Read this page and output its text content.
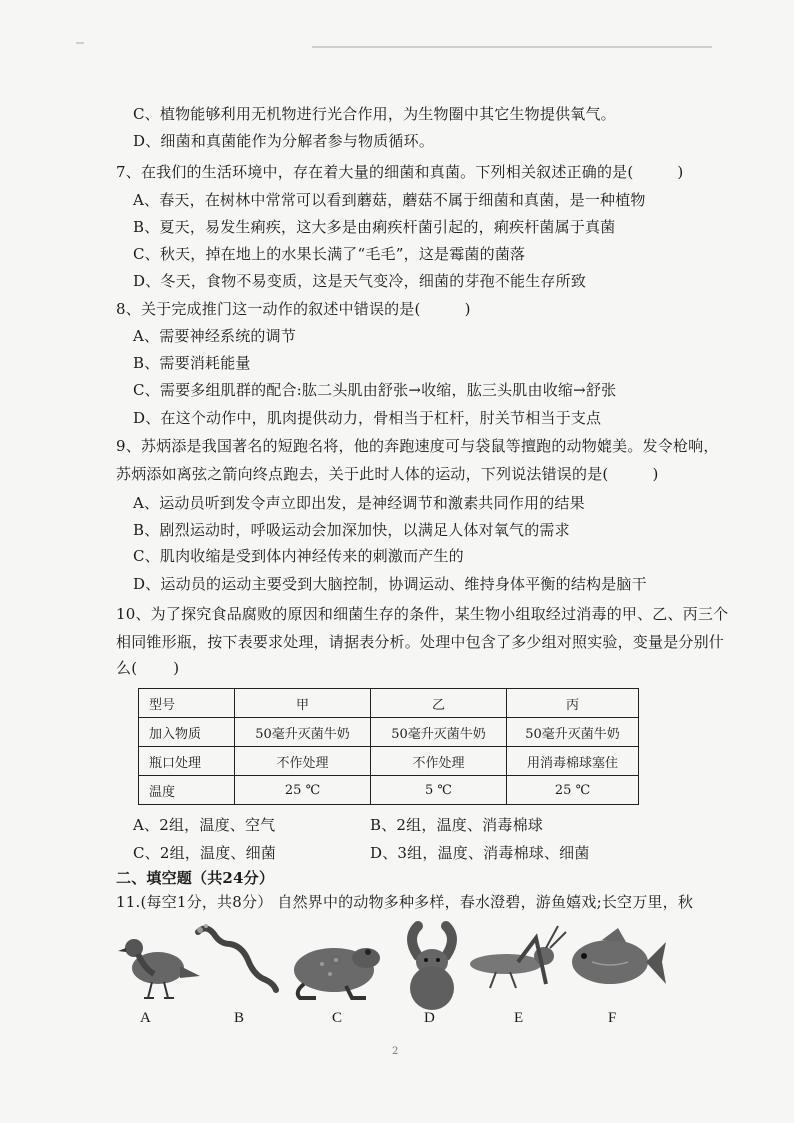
C、植物能够利用无机物进行光合作用，为生物圈中其它生物提供氧气。
D、细菌和真菌能作为分解者参与物质循环。
7、在我们的生活环境中，存在着大量的细菌和真菌。下列相关叙述正确的是(	)
A、春天，在树林中常常可以看到蘑菇，蘑菇不属于细菌和真菌，是一种植物
B、夏天，易发生痢疾，这大多是由痢疾杆菌引起的，痢疾杆菌属于真菌
C、秋天，掉在地上的水果长满了“毛毛”，这是霉菌的菌落
D、冬天，食物不易变质，这是天气变冷，细菌的芽孢不能生存所致
8、关于完成推门这一动作的叙述中错误的是(	)
A、需要神经系统的调节
B、需要消耗能量
C、需要多组肌群的配合:肱二头肌由舒张→收缩，肱三头肌由收缩→舒张
D、在这个动作中，肌肉提供动力，骨相当于杠杆，肘关节相当于支点
9、苏炳添是我国著名的短跑名将，他的奔跑速度可与袋鼠等擅跑的动物媲美。发令枪响，
苏炳添如离弦之箭向终点跑去，关于此时人体的运动，下列说法错误的是(	)
A、运动员听到发令声立即出发，是神经调节和激素共同作用的结果
B、剧烈运动时，呼吸运动会加深加快，以满足人体对氧气的需求
C、肌肉收缩是受到体内神经传来的刺激而产生的
D、运动员的运动主要受到大脑控制，协调运动、维持身体平衡的结构是脑干
10、为了探究食品腐败的原因和细菌生存的条件，某生物小组取经过消毒的甲、乙、丙三个
相同锥形瓶，按下表要求处理，请据表分析。处理中包含了多少组对照实验，变量是分别什
么( )
型号	甲	乙	丙
加入物质	50毫升灭菌牛奶	50毫升灭菌牛奶	50毫升灭菌牛奶
瓶口处理	不作处理	不作处理	用消毒棉球塞住
温度	25 ℃	5 ℃	25 ℃
A、2组，温度、空气	B、2组，温度、消毒棉球
C、2组，温度、细菌	D、3组，温度、消毒棉球、细菌
二、填空题（共24分）
11.(每空1分，共8分） 自然界中的动物多种多样，春水澄碧，游鱼嬉戏;长空万里，秋
A	B	C	D	E	F
2
